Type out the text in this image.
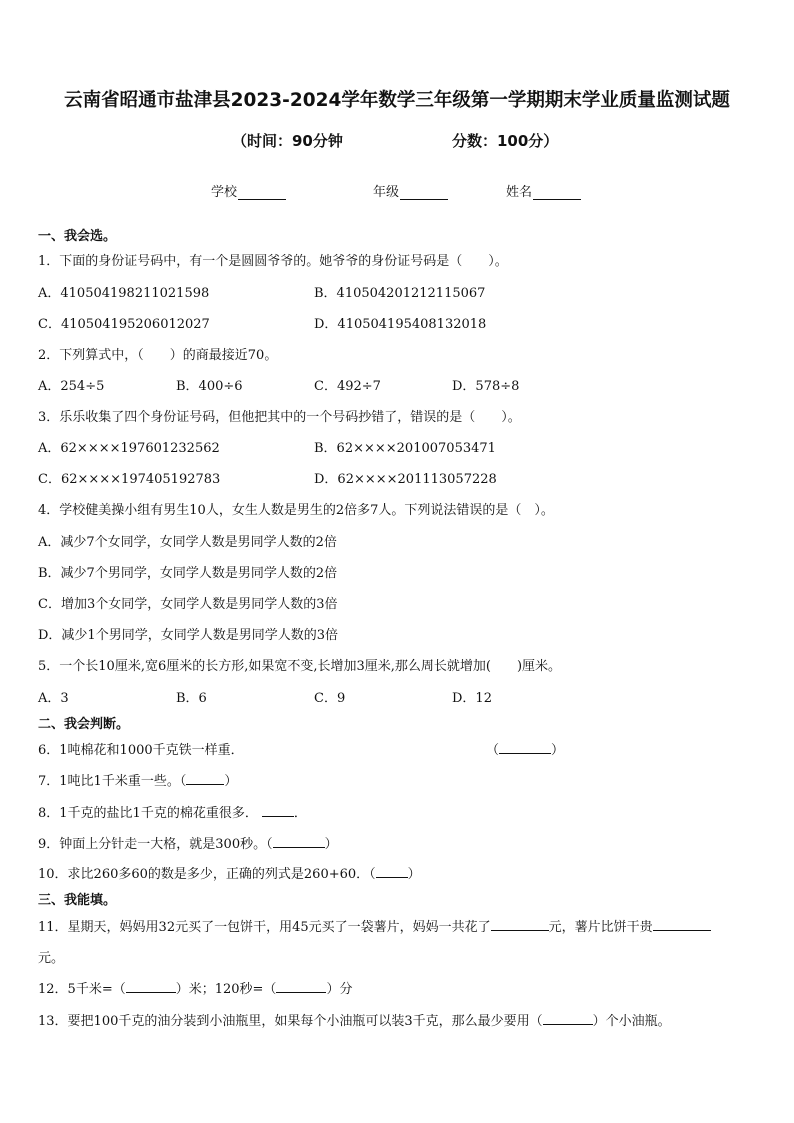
云南省昭通市盐津县2023-2024学年数学三年级第一学期期末学业质量监测试题
（时间：90分钟	分数：100分）
学校	年级	姓名
一、我会选。
1．下面的身份证号码中，有一个是圆圆爷爷的。她爷爷的身份证号码是（　　）。
A．410504198211021598	B．410504201212115067
C．410504195206012027	D．410504195408132018
2．下列算式中，（　　）的商最接近70。
A．254÷5	B．400÷6	C．492÷7	D．578÷8
3．乐乐收集了四个身份证号码，但他把其中的一个号码抄错了，错误的是（　　）。
A．62××××197601232562	B．62××××201007053471
C．62××××197405192783	D．62××××201113057228
4．学校健美操小组有男生10人，女生人数是男生的2倍多7人。下列说法错误的是（　）。
A．减少7个女同学，女同学人数是男同学人数的2倍
B．减少7个男同学，女同学人数是男同学人数的2倍
C．增加3个女同学，女同学人数是男同学人数的3倍
D．减少1个男同学，女同学人数是男同学人数的3倍
5．一个长10厘米,宽6厘米的长方形,如果宽不变,长增加3厘米,那么周长就增加(　　)厘米。
A．3	B．6	C．9	D．12
二、我会判断。
6．1吨棉花和1000千克铁一样重．	（	）
7．1吨比1千米重一些。（	）
8．1千克的盐比1千克的棉花重很多．	．
9．钟面上分针走一大格，就是300秒。（	）
10．求比260多60的数是多少，正确的列式是260+60．（ ）
三、我能填。
11．星期天，妈妈用32元买了一包饼干，用45元买了一袋薯片，妈妈一共花了	元，薯片比饼干贵
元。
12．5千米=（	）米；120秒=（	）分
13．要把100千克的油分装到小油瓶里，如果每个小油瓶可以装3千克，那么最少要用（	）个小油瓶。
